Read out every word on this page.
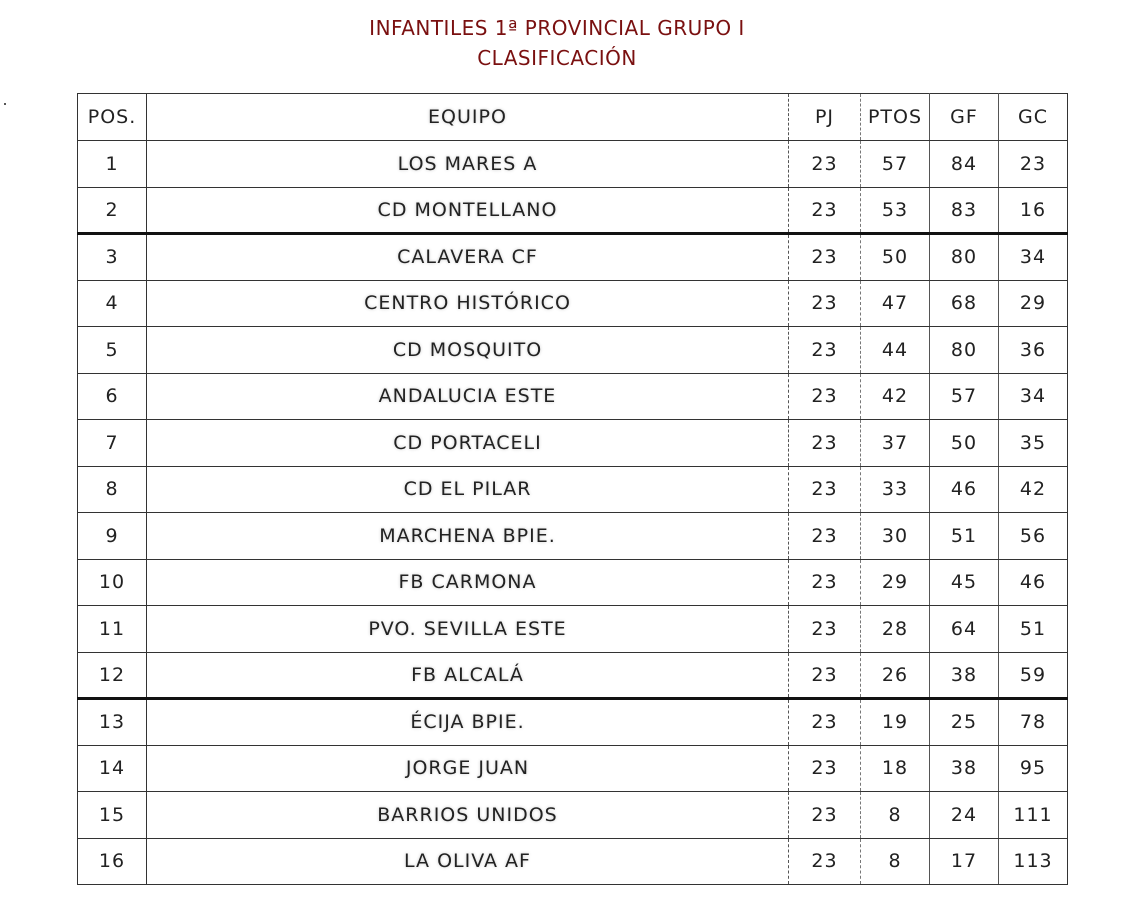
INFANTILES 1ª PROVINCIAL GRUPO I
CLASIFICACIÓN
POS.	EQUIPO	PJ	PTOS	GF	GC
1	LOS MARES A	23	57	84	23
2	CD MONTELLANO	23	53	83	16
3	CALAVERA CF	23	50	80	34
4	CENTRO HISTÓRICO	23	47	68	29
5	CD MOSQUITO	23	44	80	36
6	ANDALUCIA ESTE	23	42	57	34
7	CD PORTACELI	23	37	50	35
8	CD EL PILAR	23	33	46	42
9	MARCHENA BPIE.	23	30	51	56
10	FB CARMONA	23	29	45	46
11	PVO. SEVILLA ESTE	23	28	64	51
12	FB ALCALÁ	23	26	38	59
13	ÉCIJA BPIE.	23	19	25	78
14	JORGE JUAN	23	18	38	95
15	BARRIOS UNIDOS	23	8	24	111
16	LA OLIVA AF	23	8	17	113
